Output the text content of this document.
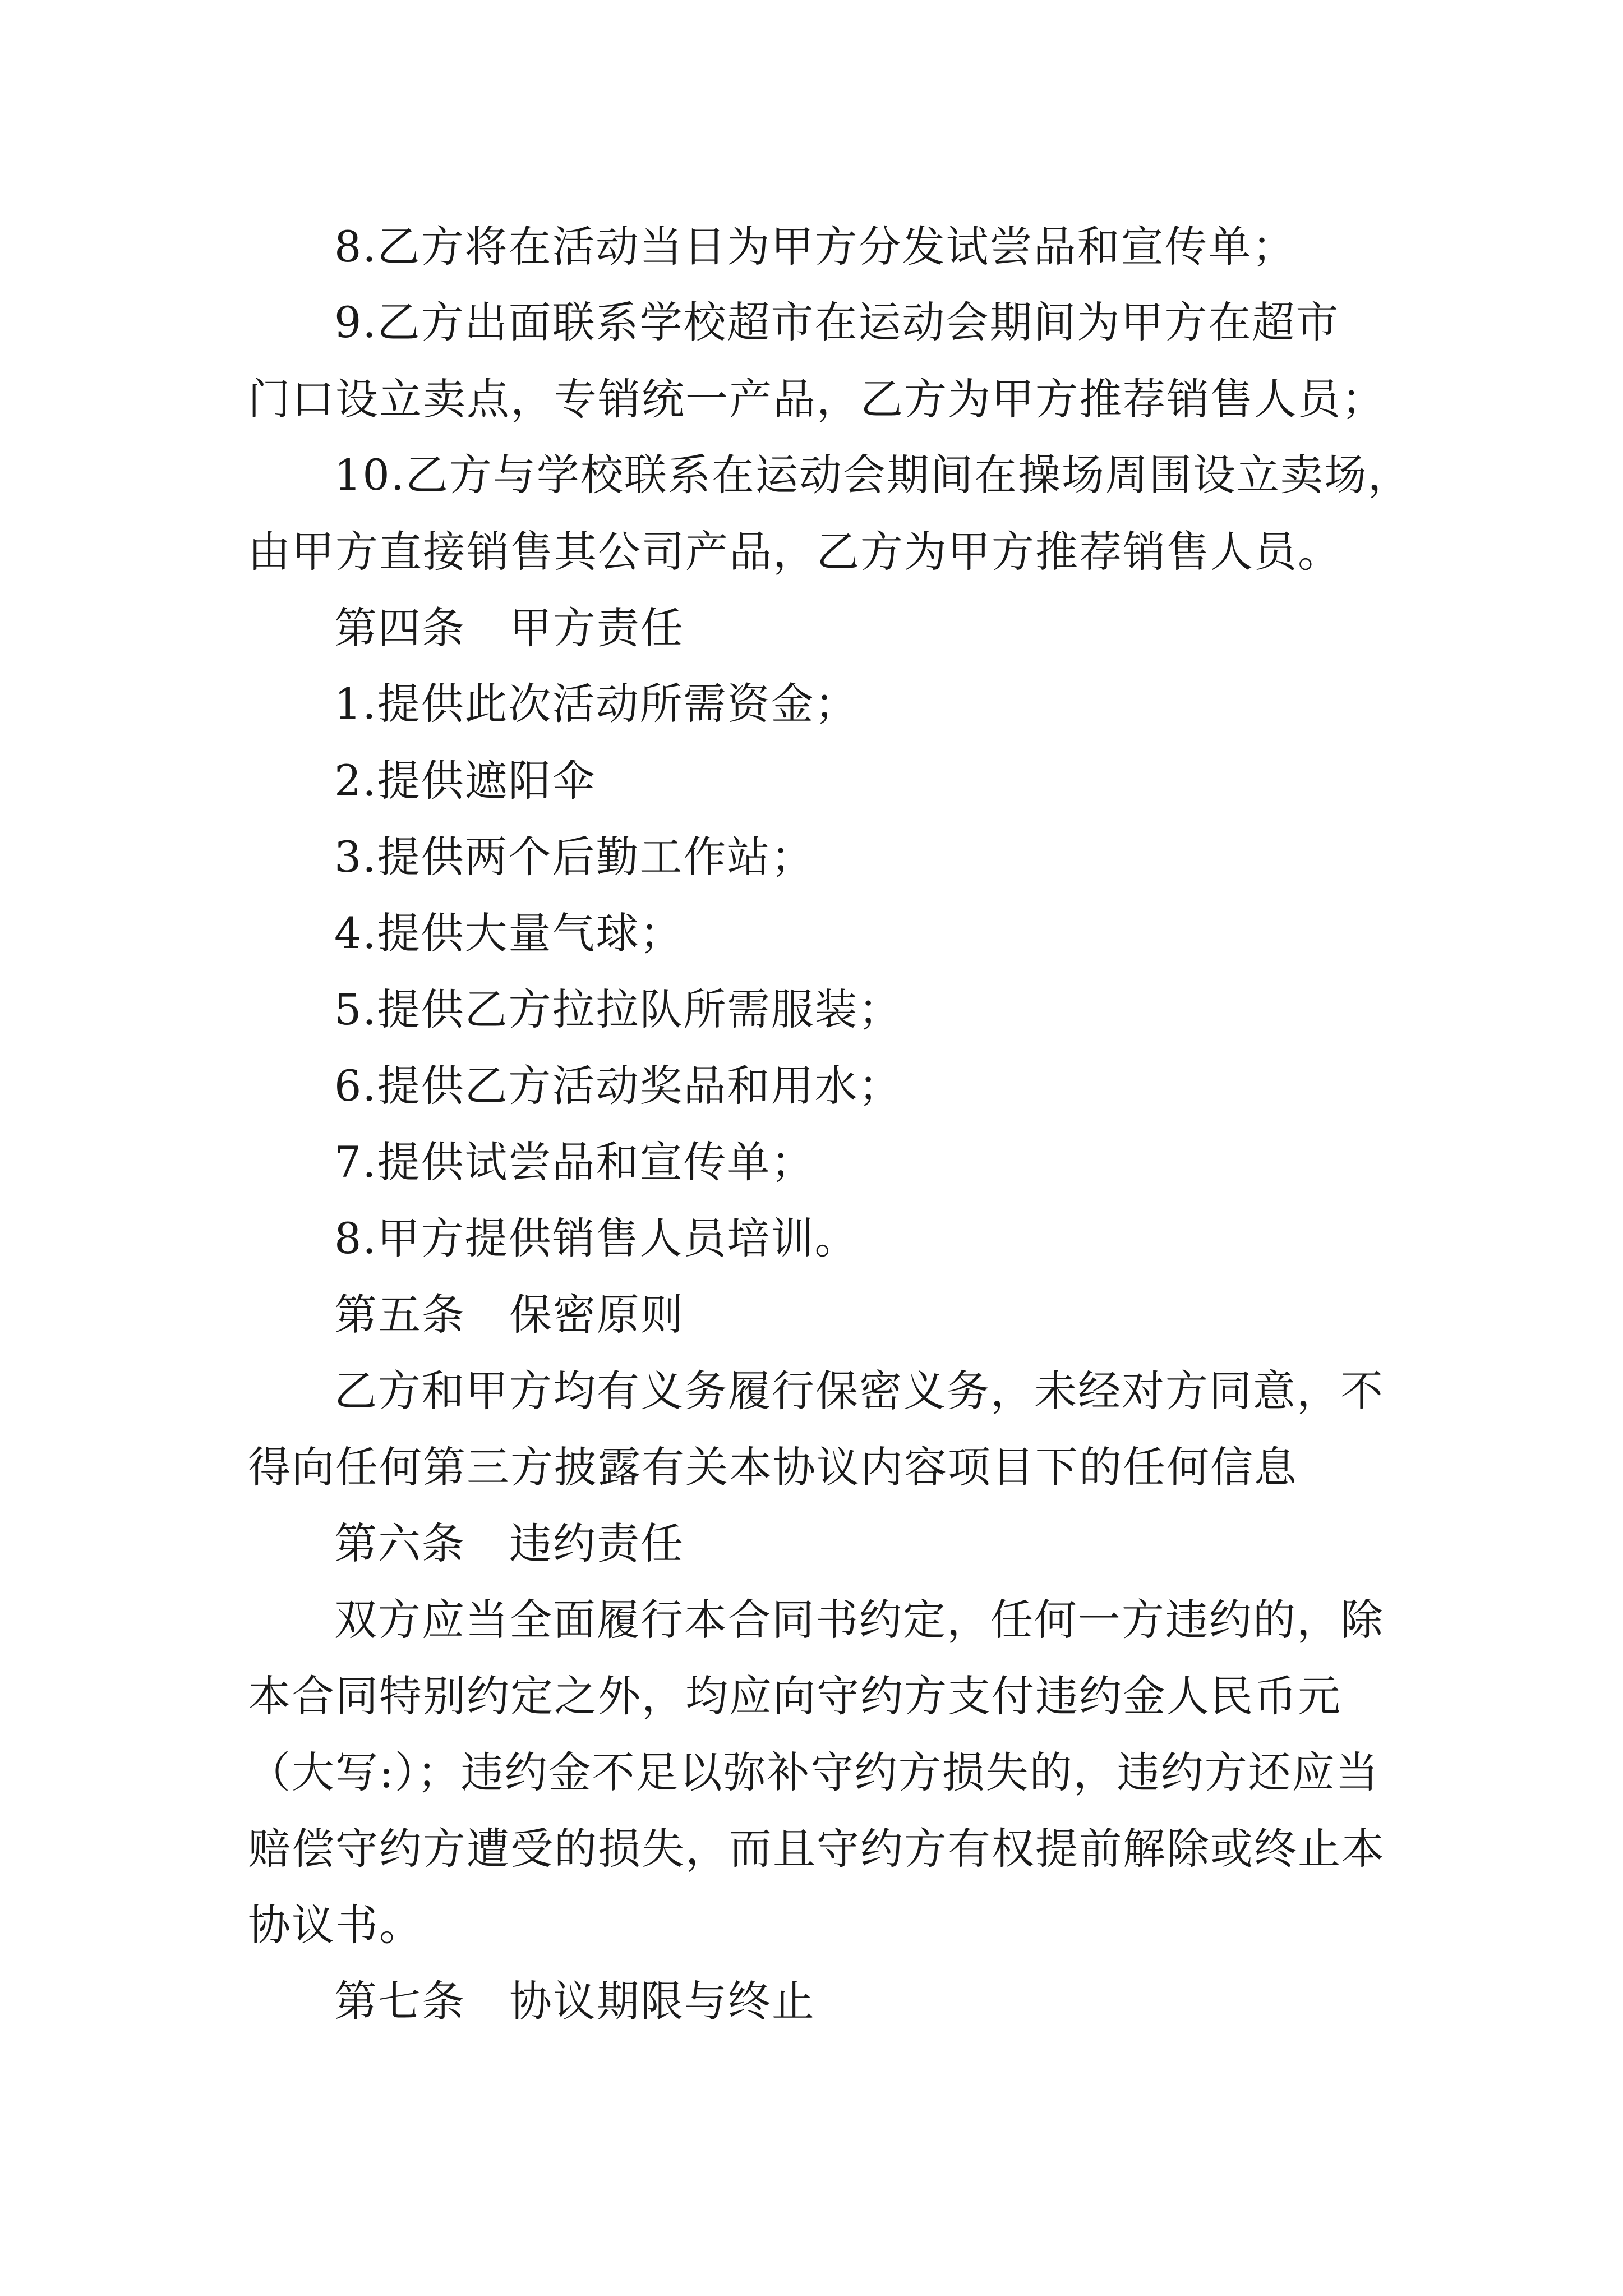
8.乙方将在活动当日为甲方分发试尝品和宣传单；
9.乙方出面联系学校超市在运动会期间为甲方在超市
门口设立卖点，专销统一产品，乙方为甲方推荐销售人员；
10.乙方与学校联系在运动会期间在操场周围设立卖场，
由甲方直接销售其公司产品，乙方为甲方推荐销售人员。
第四条　甲方责任
1.提供此次活动所需资金；
2.提供遮阳伞
3.提供两个后勤工作站；
4.提供大量气球；
5.提供乙方拉拉队所需服装；
6.提供乙方活动奖品和用水；
7.提供试尝品和宣传单；
8.甲方提供销售人员培训。
第五条　保密原则
乙方和甲方均有义务履行保密义务，未经对方同意，不
得向任何第三方披露有关本协议内容项目下的任何信息
第六条　违约责任
双方应当全面履行本合同书约定，任何一方违约的，除
本合同特别约定之外，均应向守约方支付违约金人民币元
（大写:）；违约金不足以弥补守约方损失的，违约方还应当
赔偿守约方遭受的损失，而且守约方有权提前解除或终止本
协议书。
第七条　协议期限与终止
